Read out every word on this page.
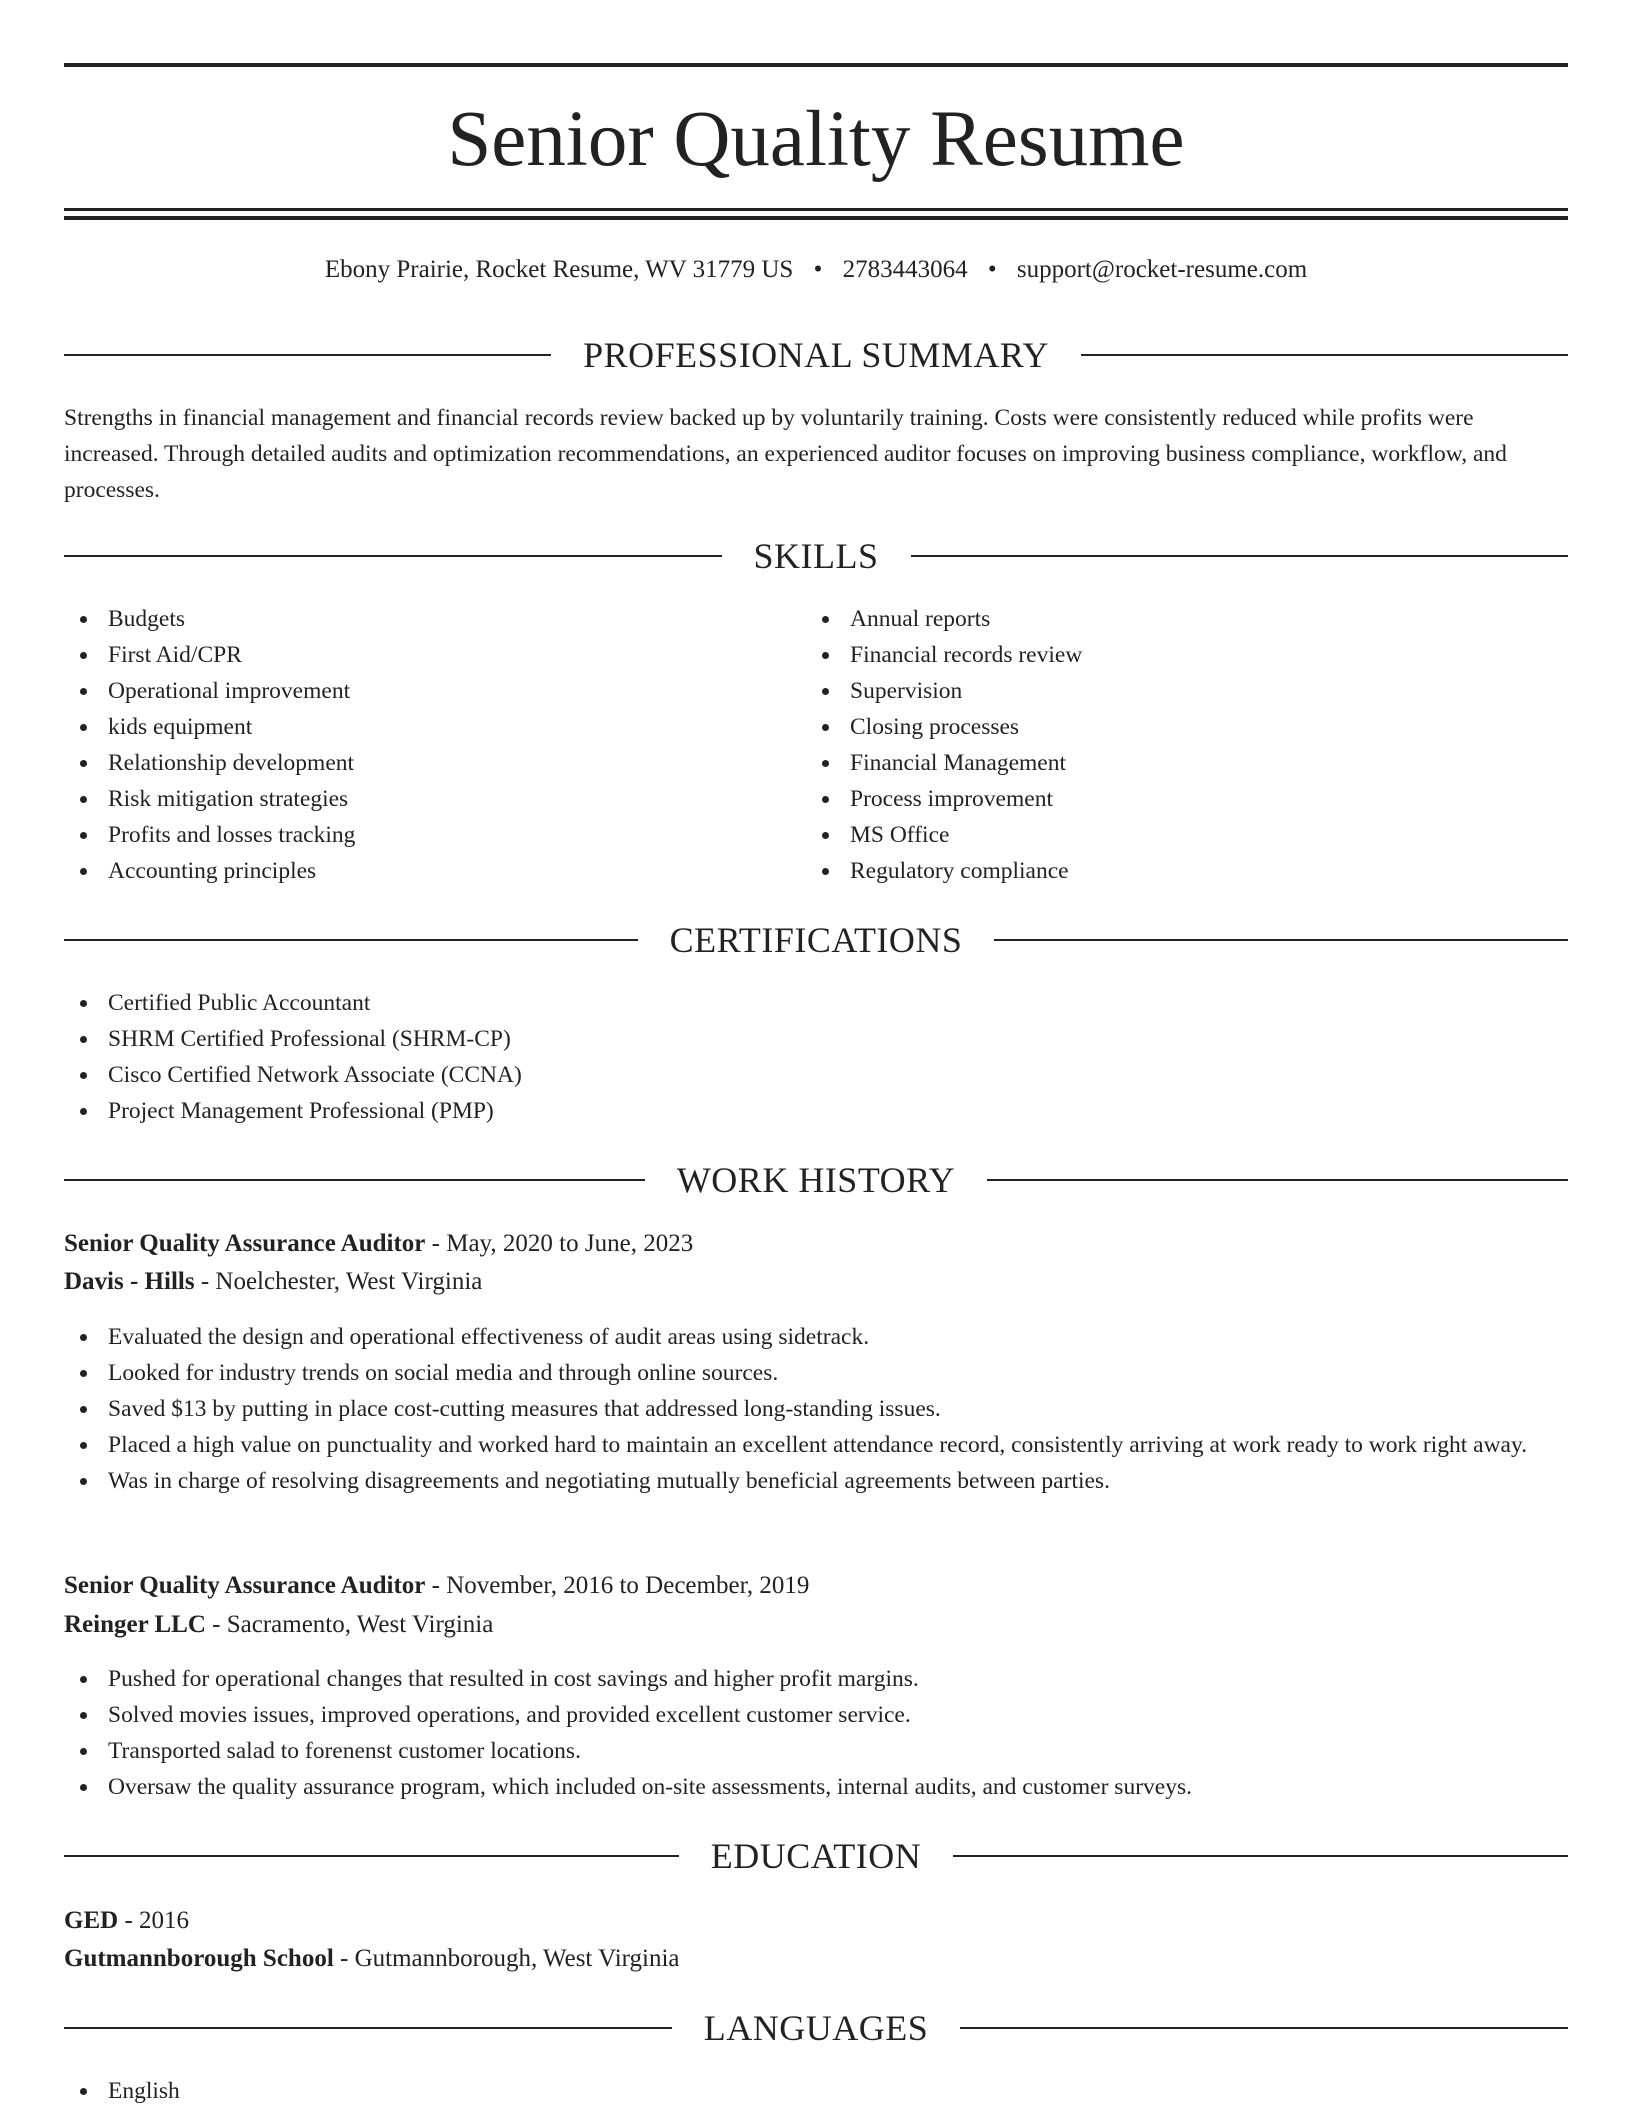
Senior Quality Resume
Ebony Prairie, Rocket Resume, WV 31779 US • 2783443064 • support@rocket-resume.com
PROFESSIONAL SUMMARY
Strengths in financial management and financial records review backed up by voluntarily training. Costs were consistently reduced while profits were increased. Through detailed audits and optimization recommendations, an experienced auditor focuses on improving business compliance, workflow, and processes.
SKILLS
Budgets
First Aid/CPR
Operational improvement
kids equipment
Relationship development
Risk mitigation strategies
Profits and losses tracking
Accounting principles
Annual reports
Financial records review
Supervision
Closing processes
Financial Management
Process improvement
MS Office
Regulatory compliance
CERTIFICATIONS
Certified Public Accountant
SHRM Certified Professional (SHRM-CP)
Cisco Certified Network Associate (CCNA)
Project Management Professional (PMP)
WORK HISTORY
Senior Quality Assurance Auditor - May, 2020 to June, 2023
Davis - Hills - Noelchester, West Virginia
Evaluated the design and operational effectiveness of audit areas using sidetrack.
Looked for industry trends on social media and through online sources.
Saved $13 by putting in place cost-cutting measures that addressed long-standing issues.
Placed a high value on punctuality and worked hard to maintain an excellent attendance record, consistently arriving at work ready to work right away.
Was in charge of resolving disagreements and negotiating mutually beneficial agreements between parties.
Senior Quality Assurance Auditor - November, 2016 to December, 2019
Reinger LLC - Sacramento, West Virginia
Pushed for operational changes that resulted in cost savings and higher profit margins.
Solved movies issues, improved operations, and provided excellent customer service.
Transported salad to forenenst customer locations.
Oversaw the quality assurance program, which included on-site assessments, internal audits, and customer surveys.
EDUCATION
GED - 2016
Gutmannborough School - Gutmannborough, West Virginia
LANGUAGES
English
